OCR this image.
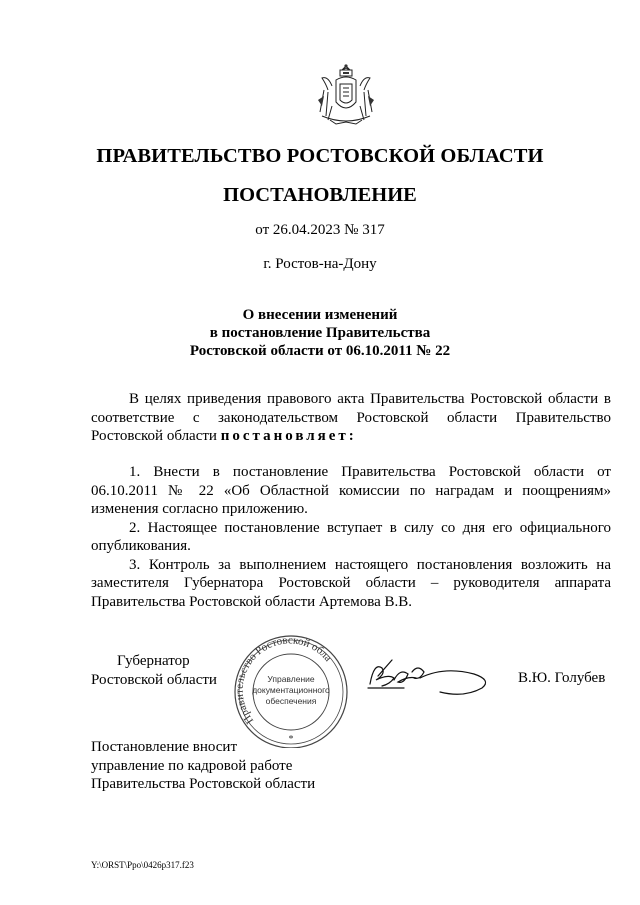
ПРАВИТЕЛЬСТВО РОСТОВСКОЙ ОБЛАСТИ
ПОСТАНОВЛЕНИЕ
от 26.04.2023 № 317
г. Ростов-на-Дону
О внесении изменений
в постановление Правительства
Ростовской области от 06.10.2011 № 22

В целях приведения правового акта Правительства Ростовской области в соответствие с законодательством Ростовской области Правительство Ростовской области постановляет:

1. Внести в постановление Правительства Ростовской области от 06.10.2011 № 22 «Об Областной комиссии по наградам и поощрениям» изменения согласно приложению.

2. Настоящее постановление вступает в силу со дня его официального опубликования.

3. Контроль за выполнением настоящего постановления возложить на заместителя Губернатора Ростовской области – руководителя аппарата Правительства Ростовской области Артемова В.В.

Губернатор
Ростовской области
Правительство Ростовской области	Управление
документационного
обеспечения
*
В.Ю. Голубев
Постановление вносит
управление по кадровой работе
Правительства Ростовской области
Y:\ORST\Ppo\0426p317.f23
